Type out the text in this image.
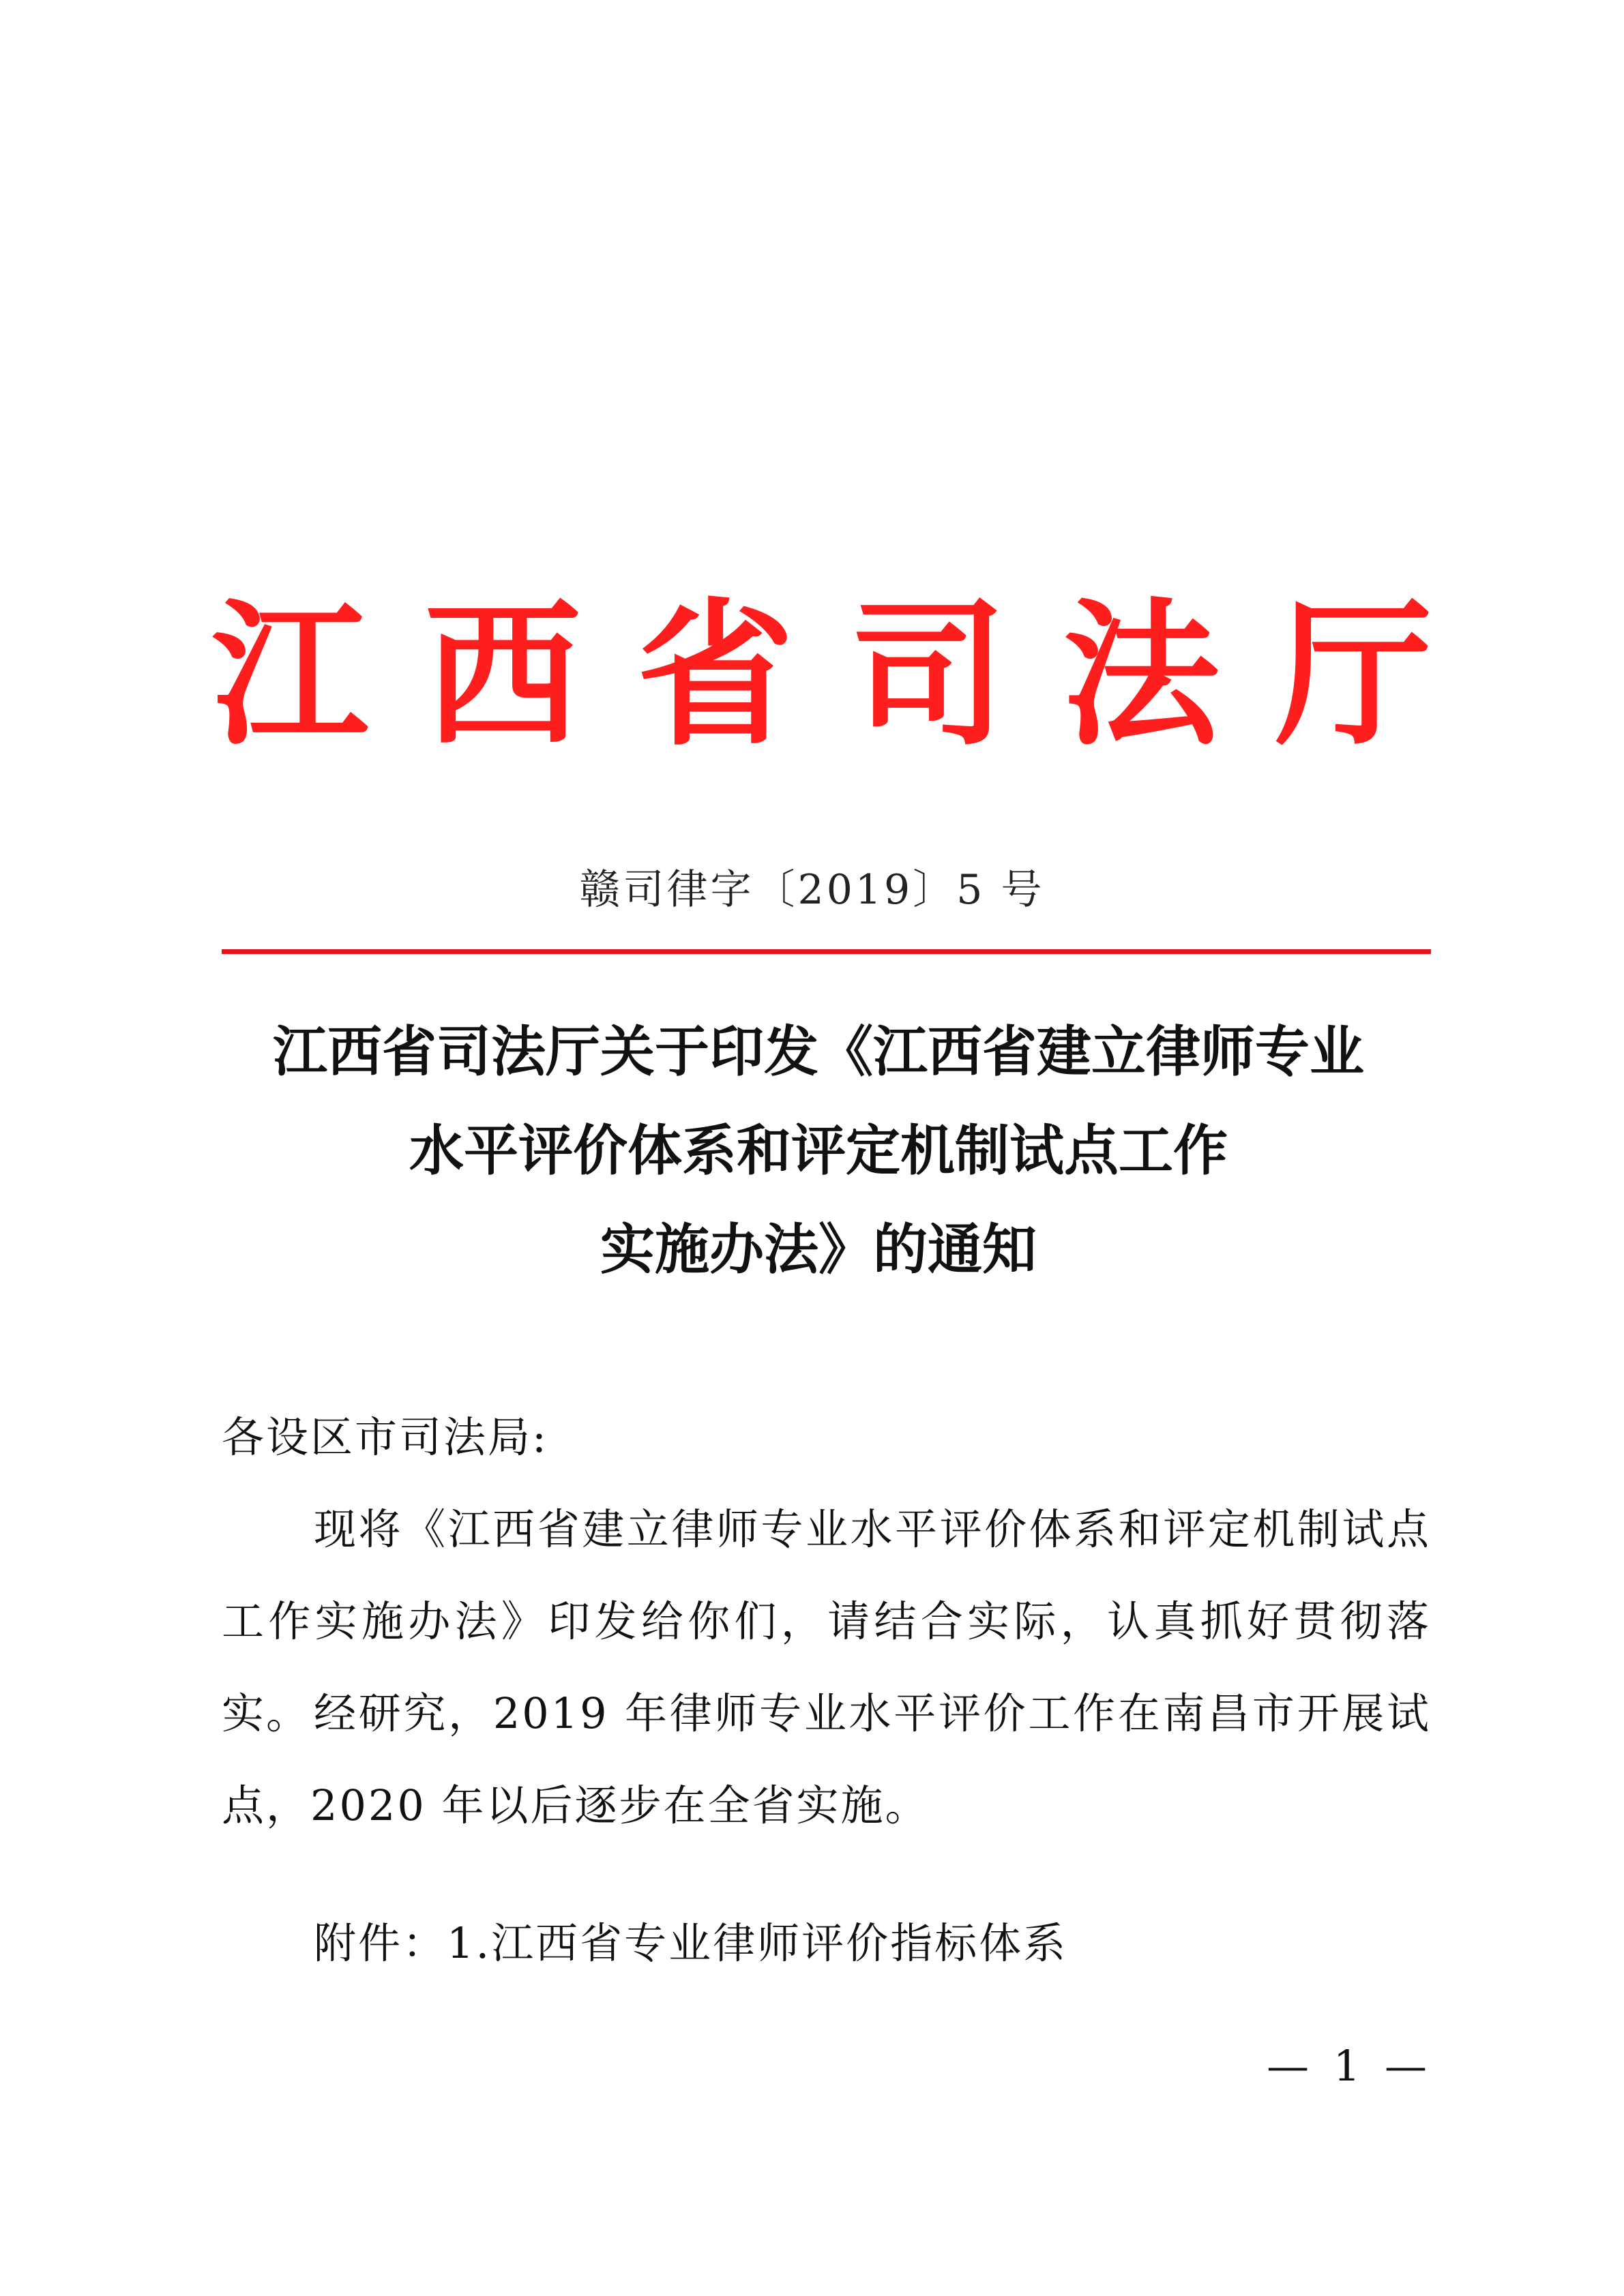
江 西 省 司 法 厅
赣司律字〔2019〕5 号
江西省司法厅关于印发《江西省建立律师专业
水平评价体系和评定机制试点工作
实施办法》的通知
各设区市司法局:
现将《江西省建立律师专业水平评价体系和评定机制试点工作实施办法》印发给你们，请结合实际，认真抓好贯彻落实。 经研究，2019 年律师专业水平评价工作在南昌市开展试点，2020 年以后逐步在全省实施。
附件：1.江西省专业律师评价指标体系
— 1 —
